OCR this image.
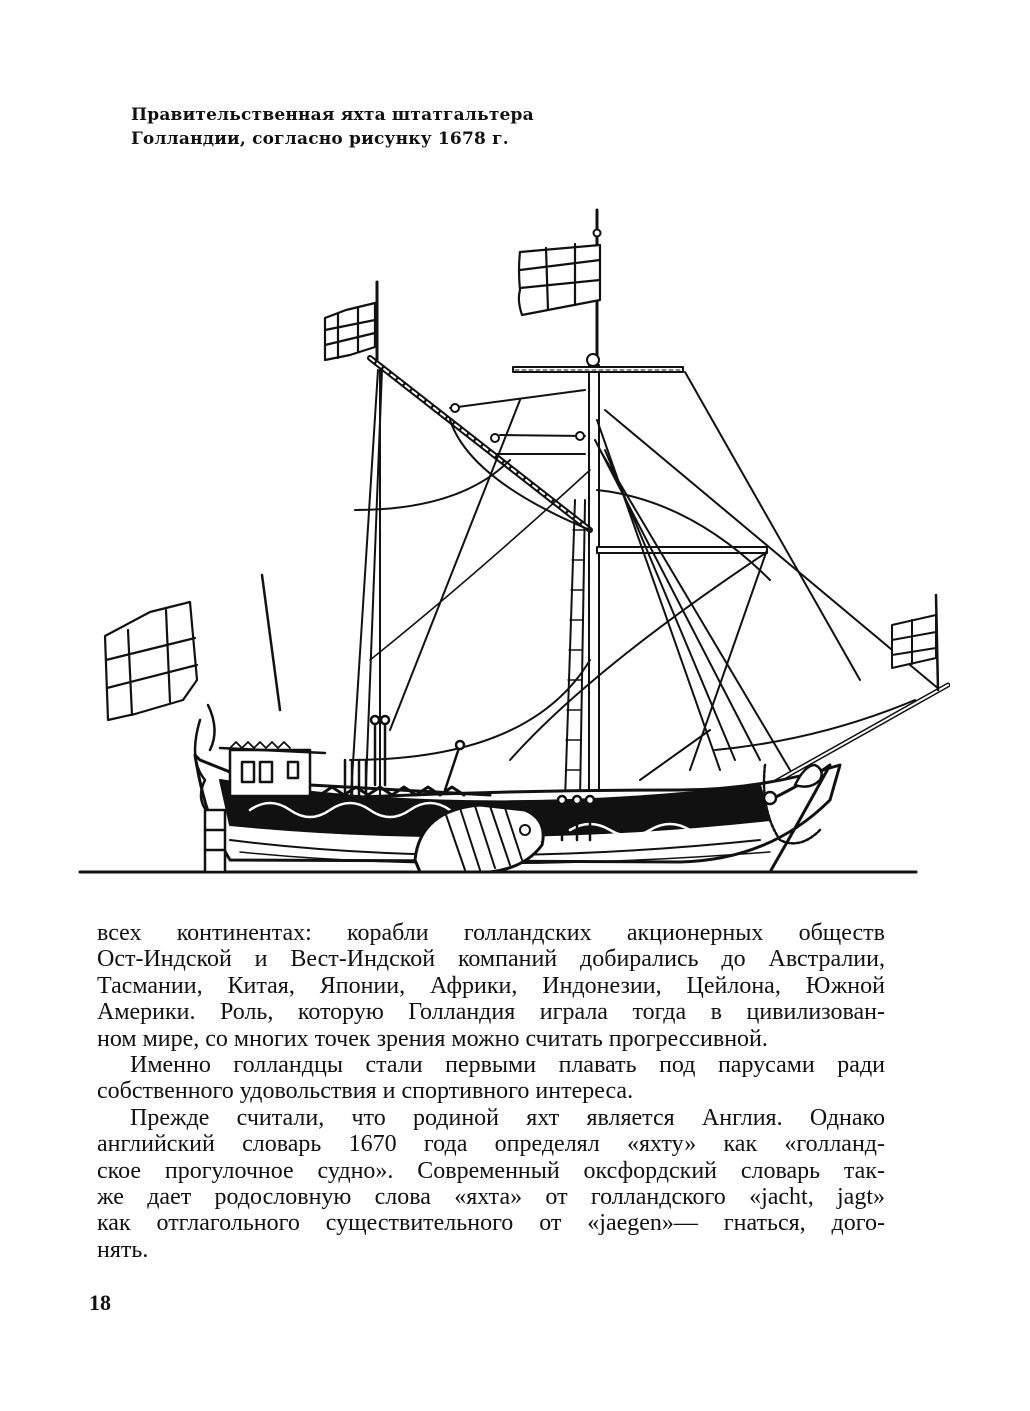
Правительственная яхта штатгальтера
Голландии, согласно рисунку 1678 г.

всех континентах: корабли голландских акционерных обществ
Ост-Индской и Вест-Индской компаний добирались до Австралии,
Тасмании, Китая, Японии, Африки, Индонезии, Цейлона, Южной
Америки. Роль, которую Голландия играла тогда в цивилизован-
ном мире, со многих точек зрения можно считать прогрессивной.

Именно голландцы стали первыми плавать под парусами ради
собственного удовольствия и спортивного интереса.

Прежде считали, что родиной яхт является Англия. Однако
английский словарь 1670 года определял «яхту» как «голланд-
ское прогулочное судно». Современный оксфордский словарь так-
же дает родословную слова «яхта» от голландского «jacht, jagt»
как отглагольного существительного от «jaegen»— гнаться, дого-
нять.

18
